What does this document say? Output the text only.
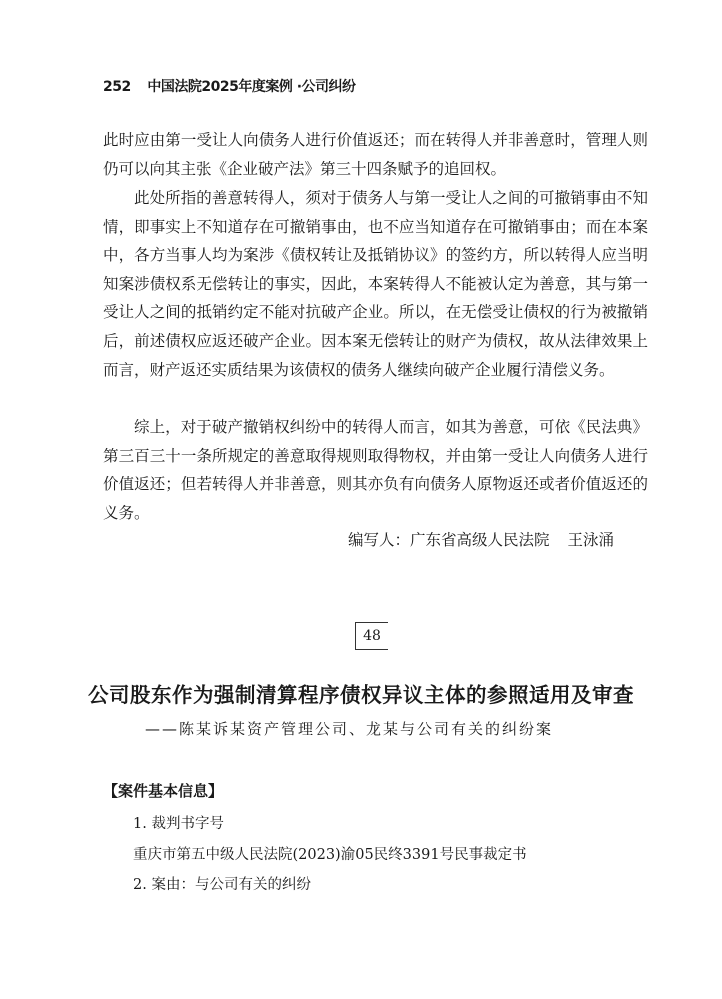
252 中国法院2025年度案例 ·公司纠纷
此时应由第一受让人向债务人进行价值返还；而在转得人并非善意时，管理人则仍可以向其主张《企业破产法》第三十四条赋予的追回权。
此处所指的善意转得人，须对于债务人与第一受让人之间的可撤销事由不知情，即事实上不知道存在可撤销事由，也不应当知道存在可撤销事由；而在本案中，各方当事人均为案涉《债权转让及抵销协议》的签约方，所以转得人应当明知案涉债权系无偿转让的事实，因此，本案转得人不能被认定为善意，其与第一受让人之间的抵销约定不能对抗破产企业。所以，在无偿受让债权的行为被撤销后，前述债权应返还破产企业。因本案无偿转让的财产为债权，故从法律效果上而言，财产返还实质结果为该债权的债务人继续向破产企业履行清偿义务。
综上，对于破产撤销权纠纷中的转得人而言，如其为善意，可依《民法典》第三百三十一条所规定的善意取得规则取得物权，并由第一受让人向债务人进行价值返还；但若转得人并非善意，则其亦负有向债务人原物返还或者价值返还的义务。
编写人：广东省高级人民法院 王泳涌
48
公司股东作为强制清算程序债权异议主体的参照适用及审查
——陈某诉某资产管理公司、龙某与公司有关的纠纷案
【案件基本信息】
1. 裁判书字号
重庆市第五中级人民法院(2023)渝05民终3391号民事裁定书
2. 案由：与公司有关的纠纷
